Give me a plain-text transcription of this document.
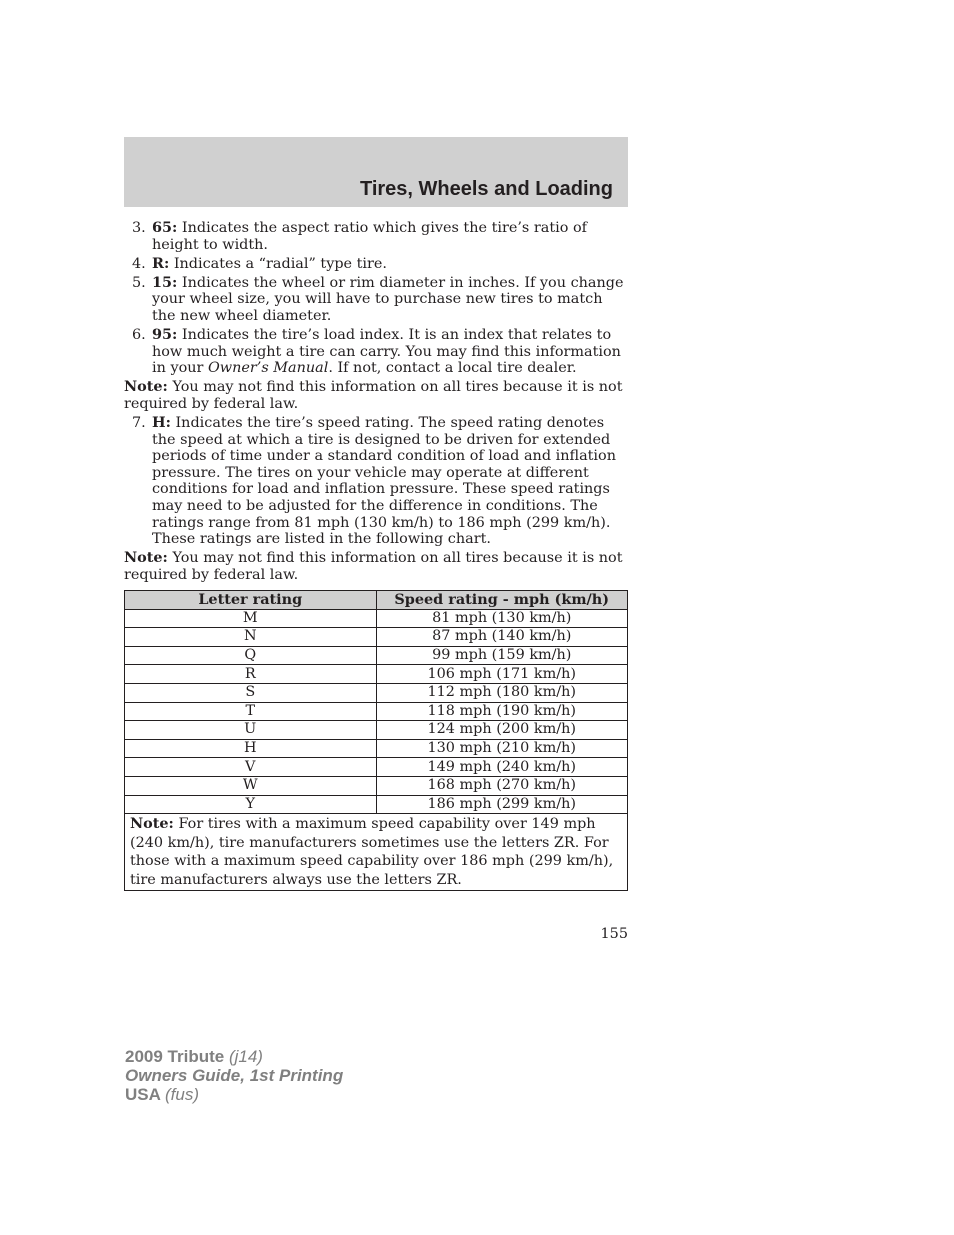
Tires, Wheels and Loading
3. 65: Indicates the aspect ratio which gives the tire’s ratio of height to width.
4. R: Indicates a “radial” type tire.
5. 15: Indicates the wheel or rim diameter in inches. If you change your wheel size, you will have to purchase new tires to match the new wheel diameter.
6. 95: Indicates the tire’s load index. It is an index that relates to how much weight a tire can carry. You may find this information in your Owner’s Manual. If not, contact a local tire dealer.
Note: You may not find this information on all tires because it is not required by federal law.
7. H: Indicates the tire’s speed rating. The speed rating denotes the speed at which a tire is designed to be driven for extended periods of time under a standard condition of load and inflation pressure. The tires on your vehicle may operate at different conditions for load and inflation pressure. These speed ratings may need to be adjusted for the difference in conditions. The ratings range from 81 mph (130 km/h) to 186 mph (299 km/h). These ratings are listed in the following chart.
Note: You may not find this information on all tires because it is not required by federal law.
Letter rating	Speed rating - mph (km/h)
M	81 mph (130 km/h)
N	87 mph (140 km/h)
Q	99 mph (159 km/h)
R	106 mph (171 km/h)
S	112 mph (180 km/h)
T	118 mph (190 km/h)
U	124 mph (200 km/h)
H	130 mph (210 km/h)
V	149 mph (240 km/h)
W	168 mph (270 km/h)
Y	186 mph (299 km/h)
Note: For tires with a maximum speed capability over 149 mph (240 km/h), tire manufacturers sometimes use the letters ZR. For those with a maximum speed capability over 186 mph (299 km/h), tire manufacturers always use the letters ZR.	
155
2009 Tribute (j14)
Owners Guide, 1st Printing
USA (fus)
